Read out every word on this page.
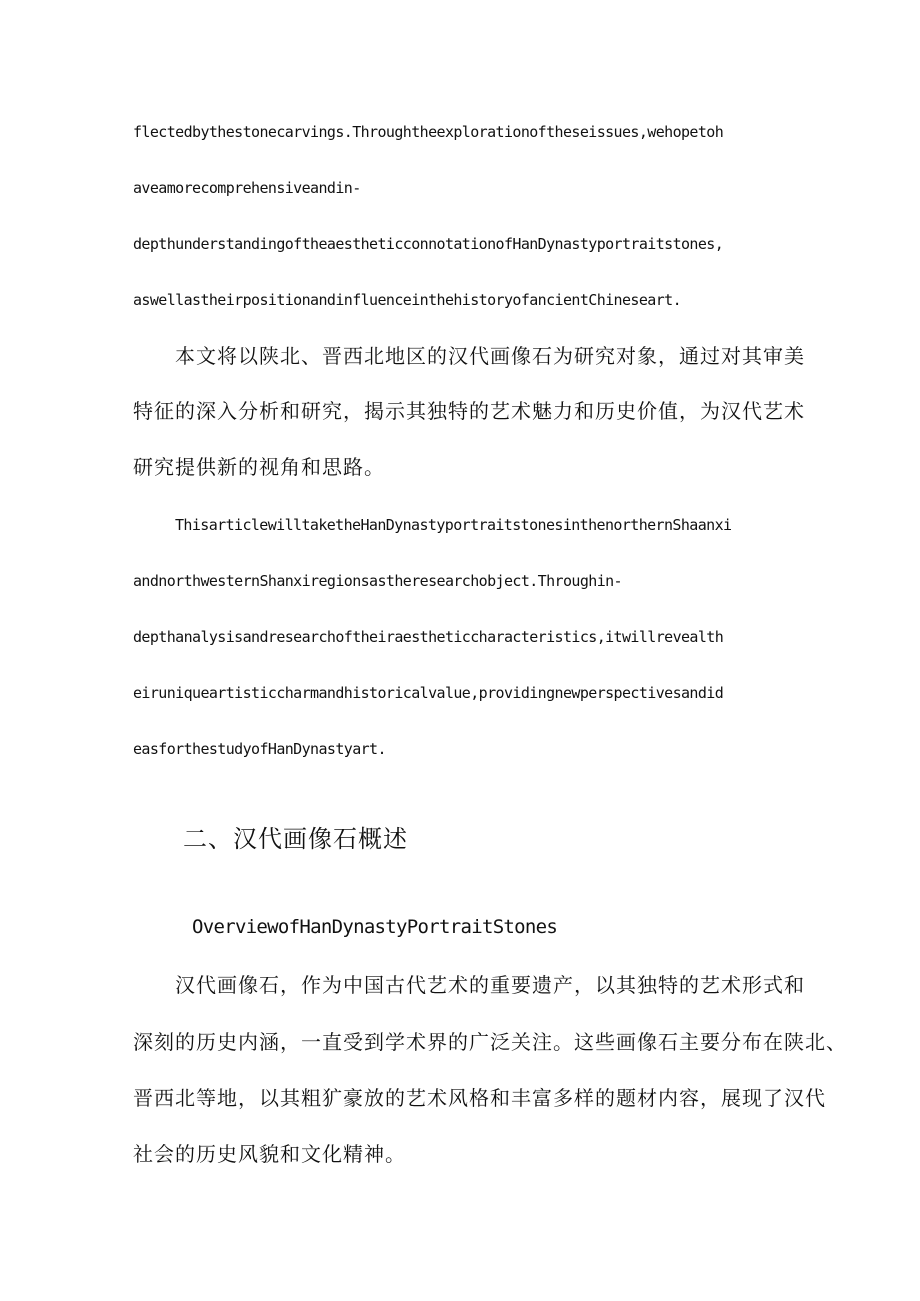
flectedbythestonecarvings.Throughtheexplorationoftheseissues,wehopetoh
aveamorecomprehensiveandin-
depthunderstandingoftheaestheticconnotationofHanDynastyportraitstones,
aswellastheirpositionandinfluenceinthehistoryofancientChineseart.
本文将以陕北、晋西北地区的汉代画像石为研究对象，通过对其审美
特征的深入分析和研究，揭示其独特的艺术魅力和历史价值，为汉代艺术
研究提供新的视角和思路。
ThisarticlewilltaketheHanDynastyportraitstonesinthenorthernShaanxi
andnorthwesternShanxiregionsastheresearchobject.Throughin-
depthanalysisandresearchoftheiraestheticcharacteristics,itwillrevealth
eiruniqueartisticcharmandhistoricalvalue,providingnewperspectivesandid
easforthestudyofHanDynastyart.
二、汉代画像石概述
OverviewofHanDynastyPortraitStones
汉代画像石，作为中国古代艺术的重要遗产，以其独特的艺术形式和
深刻的历史内涵，一直受到学术界的广泛关注。这些画像石主要分布在陕北、
晋西北等地，以其粗犷豪放的艺术风格和丰富多样的题材内容，展现了汉代
社会的历史风貌和文化精神。
